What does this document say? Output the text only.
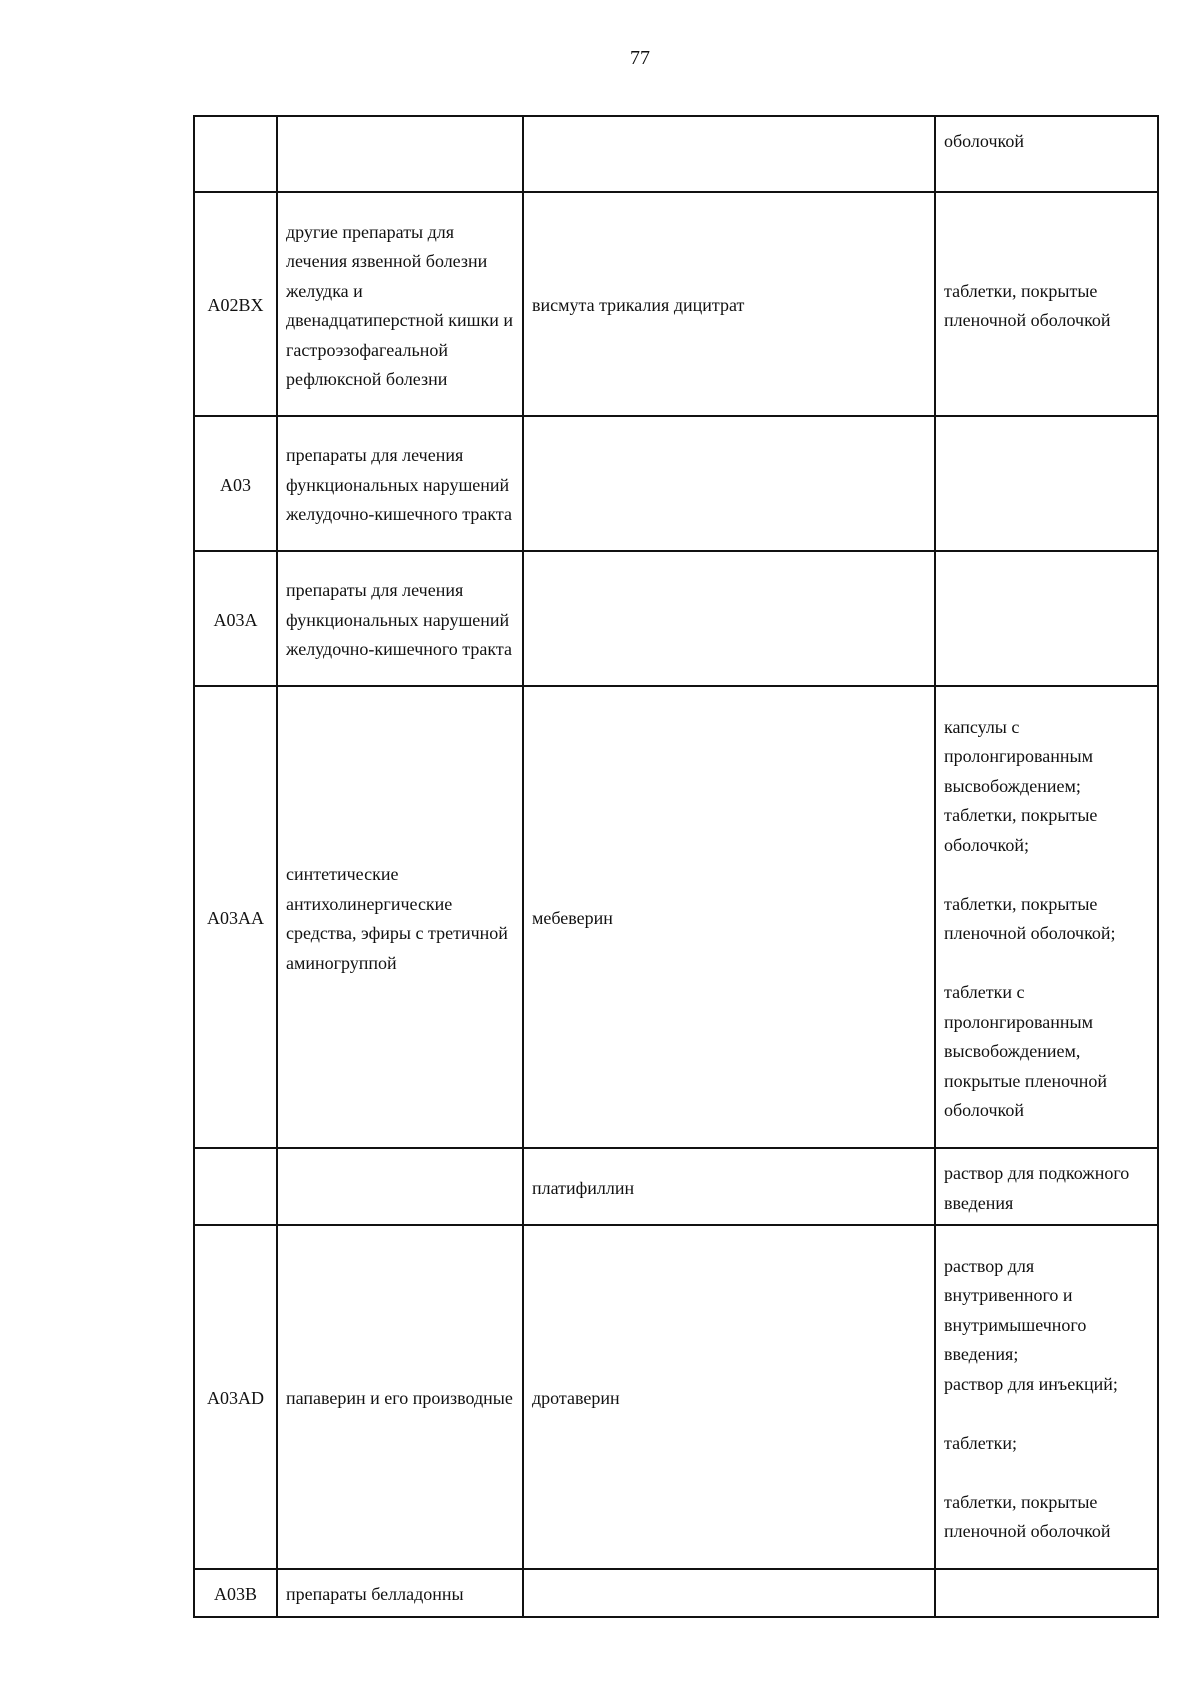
77

			оболочкой

A02BX	другие препараты для лечения язвенной болезни желудка и двенадцатиперстной кишки и гастроэзофагеальной рефлюксной болезни	висмута трикалия дицитрат	таблетки, покрытые пленочной оболочкой

A03	препараты для лечения функциональных нарушений желудочно-кишечного тракта		
A03A	препараты для лечения функциональных нарушений желудочно-кишечного тракта		
A03AA	синтетические антихолинергические средства, эфиры с третичной аминогруппой	мебеверин	капсулы с пролонгированным высвобождением;
таблетки, покрытые оболочкой;
таблетки, покрытые пленочной оболочкой;
таблетки с пролонгированным высвобождением, покрытые пленочной оболочкой

		платифиллин	раствор для подкожного введения

A03AD	папаверин и его производные	дротаверин	раствор для внутривенного и внутримышечного введения;
раствор для инъекций;
таблетки;
таблетки, покрытые пленочной оболочкой

A03B	препараты белладонны		
